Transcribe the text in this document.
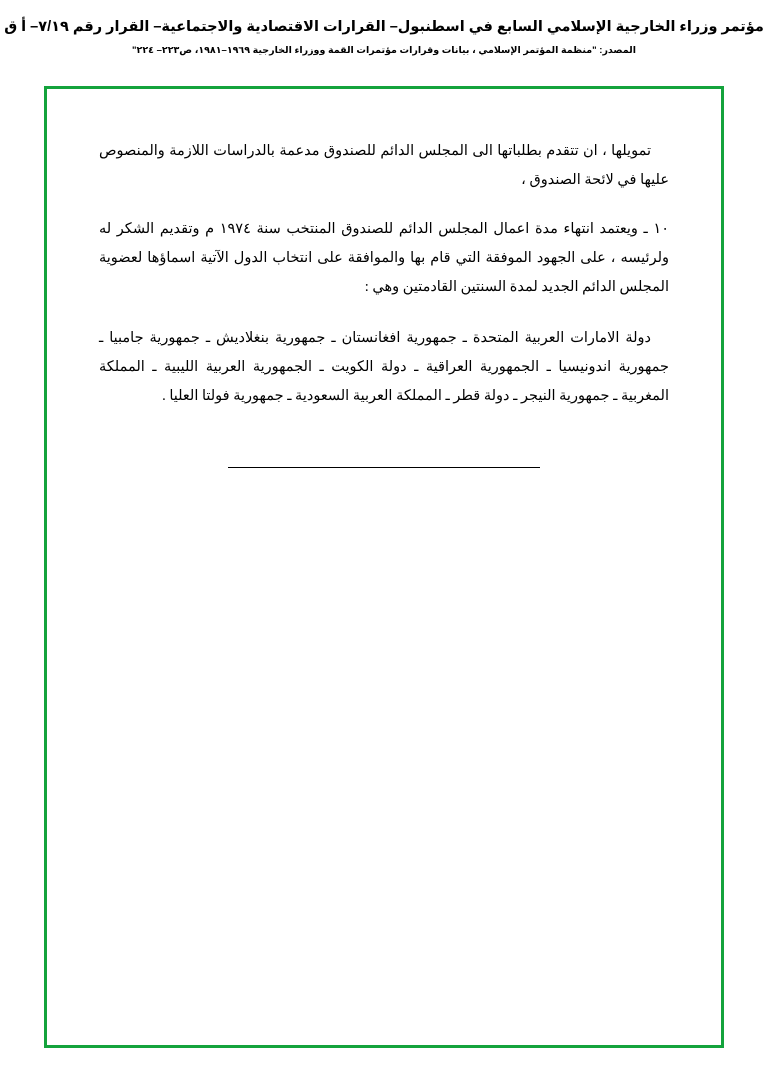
مؤتمر وزراء الخارجية الإسلامي السابع في اسطنبول– القرارات الاقتصادية والاجتماعية– القرار رقم ٧/١٩– أ ق
المصدر: "منظمة المؤتمر الإسلامي ، بيانات وقرارات مؤتمرات القمة ووزراء الخارجية ١٩٦٩–١٩٨١، ص٢٢٣– ٢٢٤"

تمويلها ، ان تتقدم بطلباتها الى المجلس الدائم للصندوق مدعمة بالدراسات اللازمة والمنصوص عليها في لائحة الصندوق ،

١٠ ـ ويعتمد انتهاء مدة اعمال المجلس الدائم للصندوق المنتخب سنة ١٩٧٤ م وتقديم الشكر له ولرئيسه ، على الجهود الموفقة التي قام بها والموافقة على انتخاب الدول الآتية اسماؤها لعضوية المجلس الدائم الجديد لمدة السنتين القادمتين وهي :

دولة الامارات العربية المتحدة ـ جمهورية افغانستان ـ جمهورية بنغلاديش ـ جمهورية جامبيا ـ جمهورية اندونيسيا ـ الجمهورية العراقية ـ دولة الكويت ـ الجمهورية العربية الليبية ـ المملكة المغربية ـ جمهورية النيجر ـ دولة قطر ـ المملكة العربية السعودية ـ جمهورية فولتا العليا .
